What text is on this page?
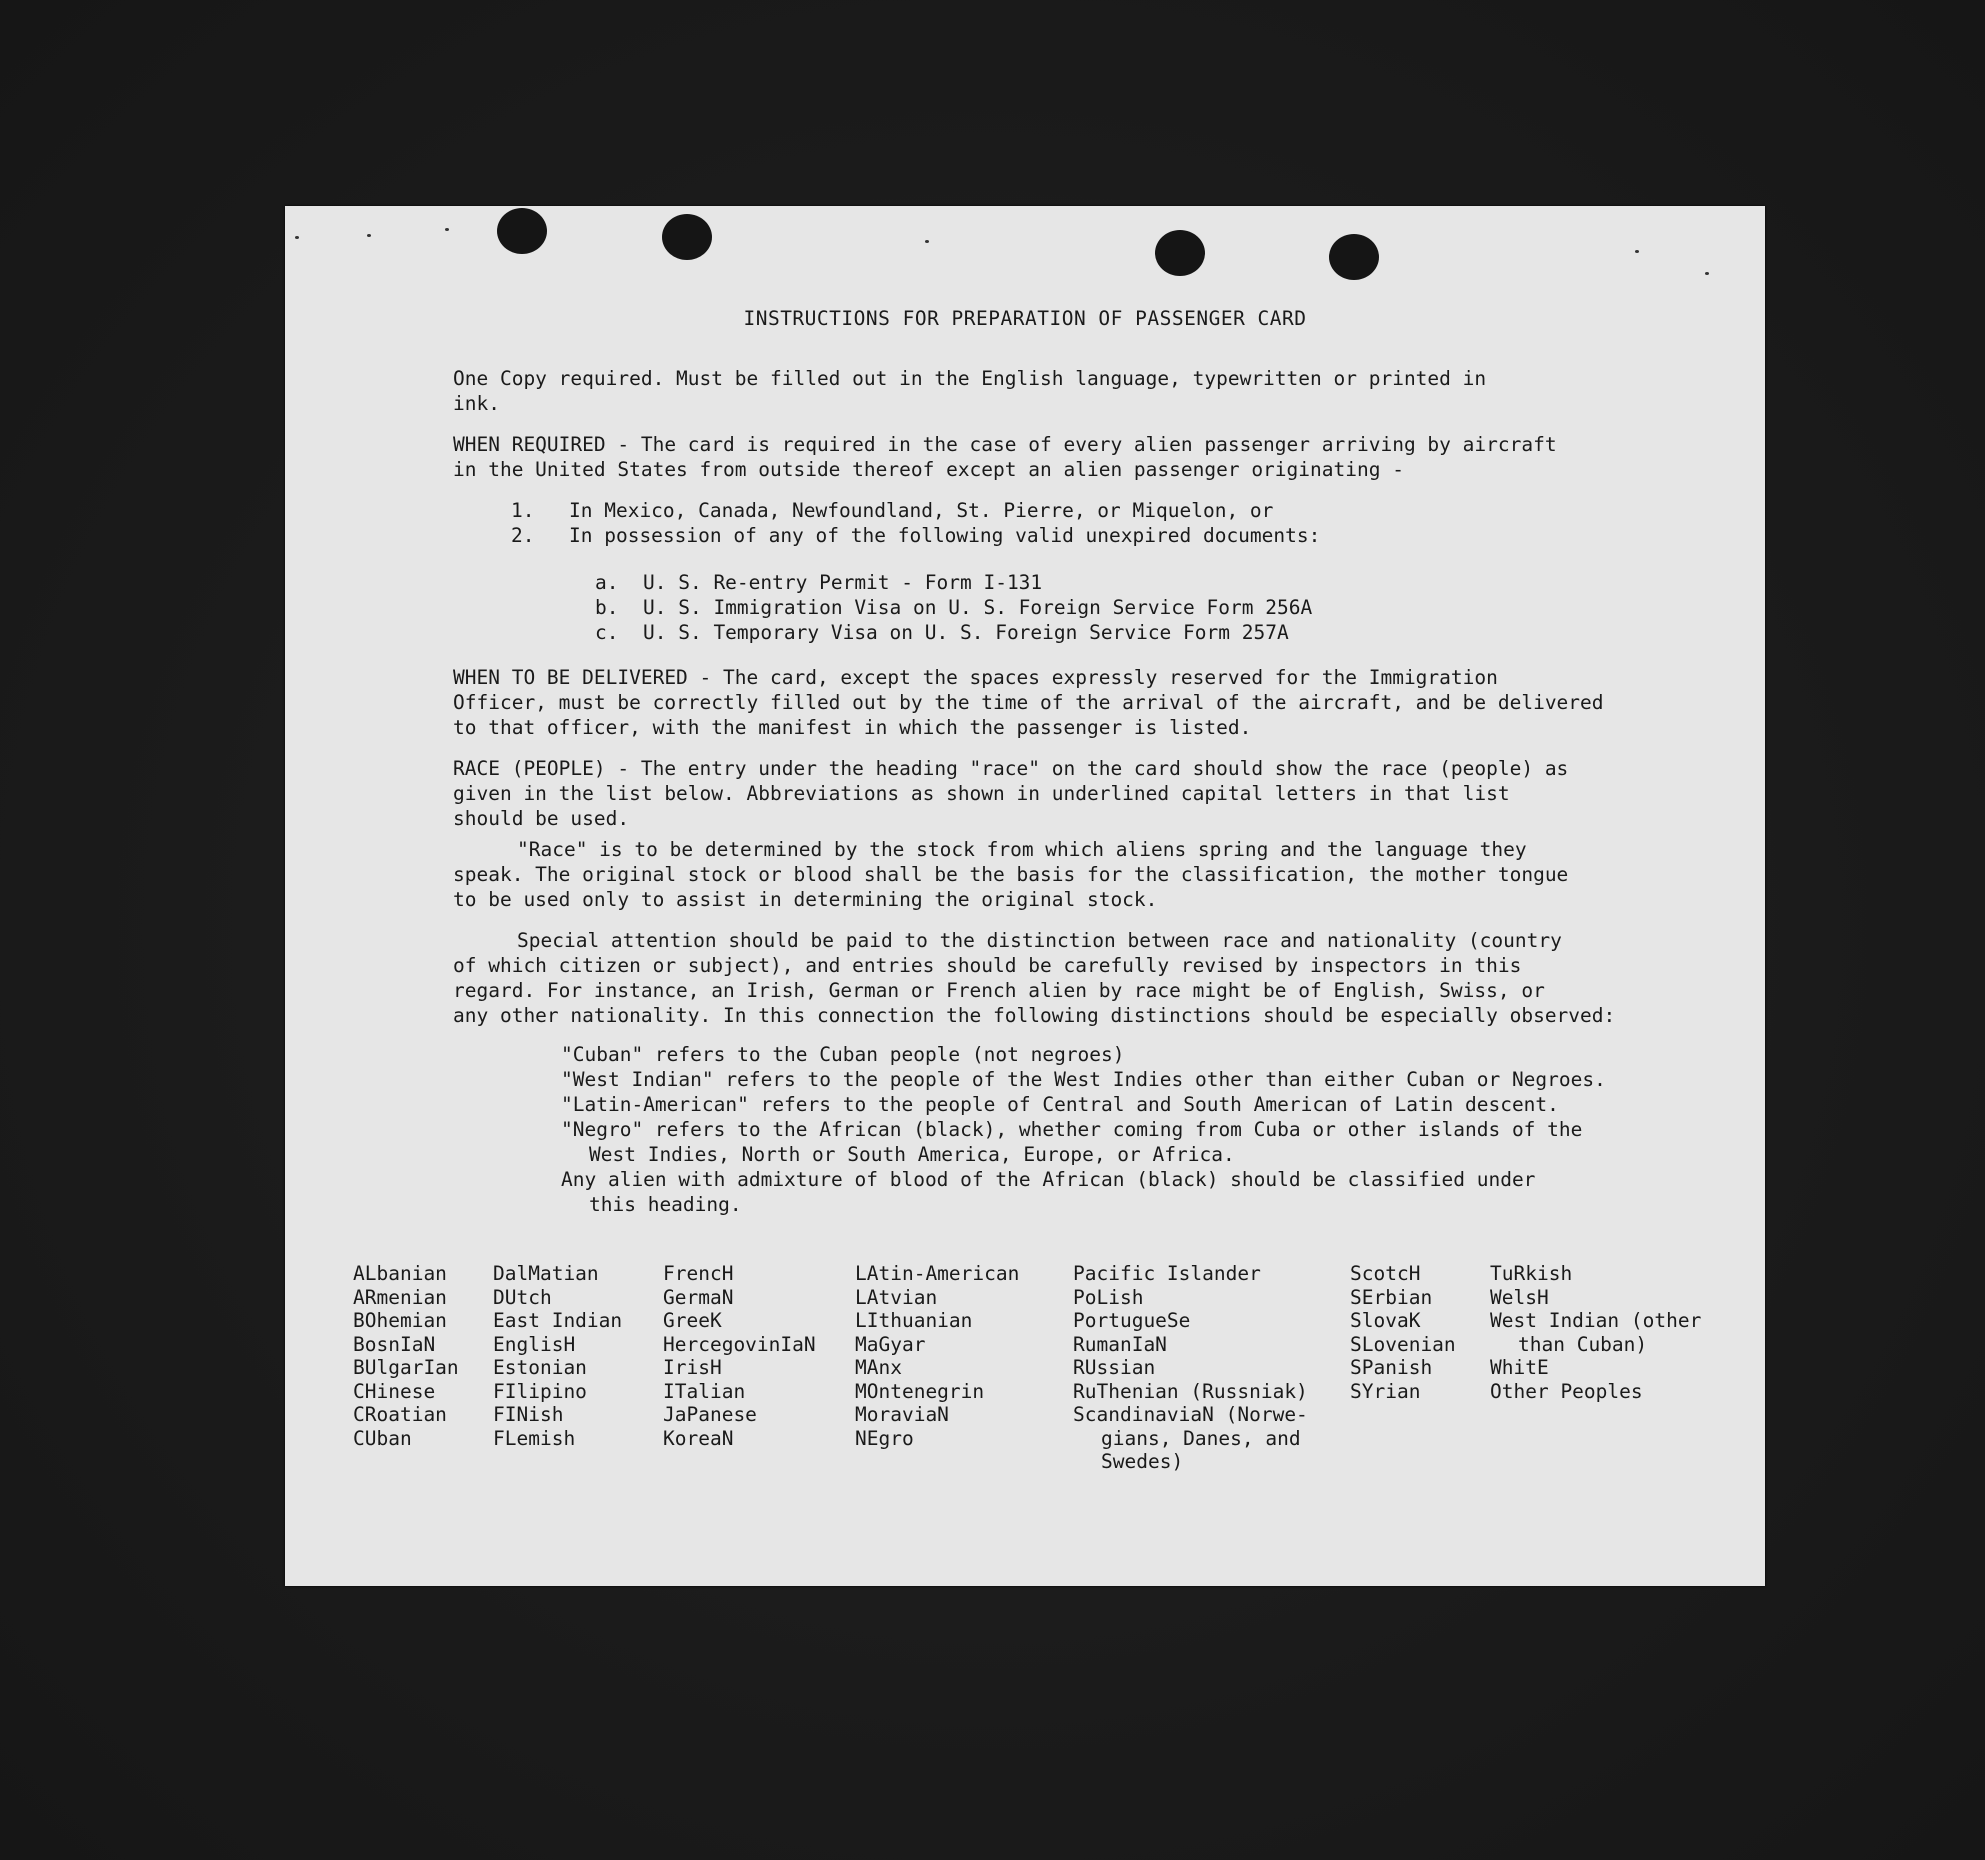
INSTRUCTIONS FOR PREPARATION OF PASSENGER CARD

One Copy required. Must be filled out in the English language, typewritten or printed in

ink.

WHEN REQUIRED - The card is required in the case of every alien passenger arriving by aircraft

in the United States from outside thereof except an alien passenger originating -

1. In Mexico, Canada, Newfoundland, St. Pierre, or Miquelon, or
2. In possession of any of the following valid unexpired documents:
a. U. S. Re-entry Permit - Form I-131
b. U. S. Immigration Visa on U. S. Foreign Service Form 256A
c. U. S. Temporary Visa on U. S. Foreign Service Form 257A

WHEN TO BE DELIVERED - The card, except the spaces expressly reserved for the Immigration

Officer, must be correctly filled out by the time of the arrival of the aircraft, and be delivered

to that officer, with the manifest in which the passenger is listed.

RACE (PEOPLE) - The entry under the heading "race" on the card should show the race (people) as

given in the list below. Abbreviations as shown in underlined capital letters in that list

should be used.

"Race" is to be determined by the stock from which aliens spring and the language they

speak. The original stock or blood shall be the basis for the classification, the mother tongue

to be used only to assist in determining the original stock.

Special attention should be paid to the distinction between race and nationality (country

of which citizen or subject), and entries should be carefully revised by inspectors in this

regard. For instance, an Irish, German or French alien by race might be of English, Swiss, or

any other nationality. In this connection the following distinctions should be especially observed:

"Cuban" refers to the Cuban people (not negroes)

"West Indian" refers to the people of the West Indies other than either Cuban or Negroes.

"Latin-American" refers to the people of Central and South American of Latin descent.

"Negro" refers to the African (black), whether coming from Cuba or other islands of the

West Indies, North or South America, Europe, or Africa.

Any alien with admixture of blood of the African (black) should be classified under

this heading.

ALbanian
ARmenian
BOhemian
BosnIaN
BUlgarIan
CHinese
CRoatian
CUban
DalMatian
DUtch
East Indian
EnglisH
Estonian
FIlipino
FINish
FLemish
FrencH
GermaN
GreeK
HercegovinIaN
IrisH
ITalian
JaPanese
KoreaN
LAtin-American
LAtvian
LIthuanian
MaGyar
MAnx
MOntenegrin
MoraviaN
NEgro
Pacific Islander
PoLish
PortugueSe
RumanIaN
RUssian
RuThenian (Russniak)
ScandinaviaN (Norwe-
gians, Danes, and
Swedes)
ScotcH
SErbian
SlovaK
SLovenian
SPanish
SYrian
TuRkish
WelsH
West Indian (other
than Cuban)
WhitE
Other Peoples
